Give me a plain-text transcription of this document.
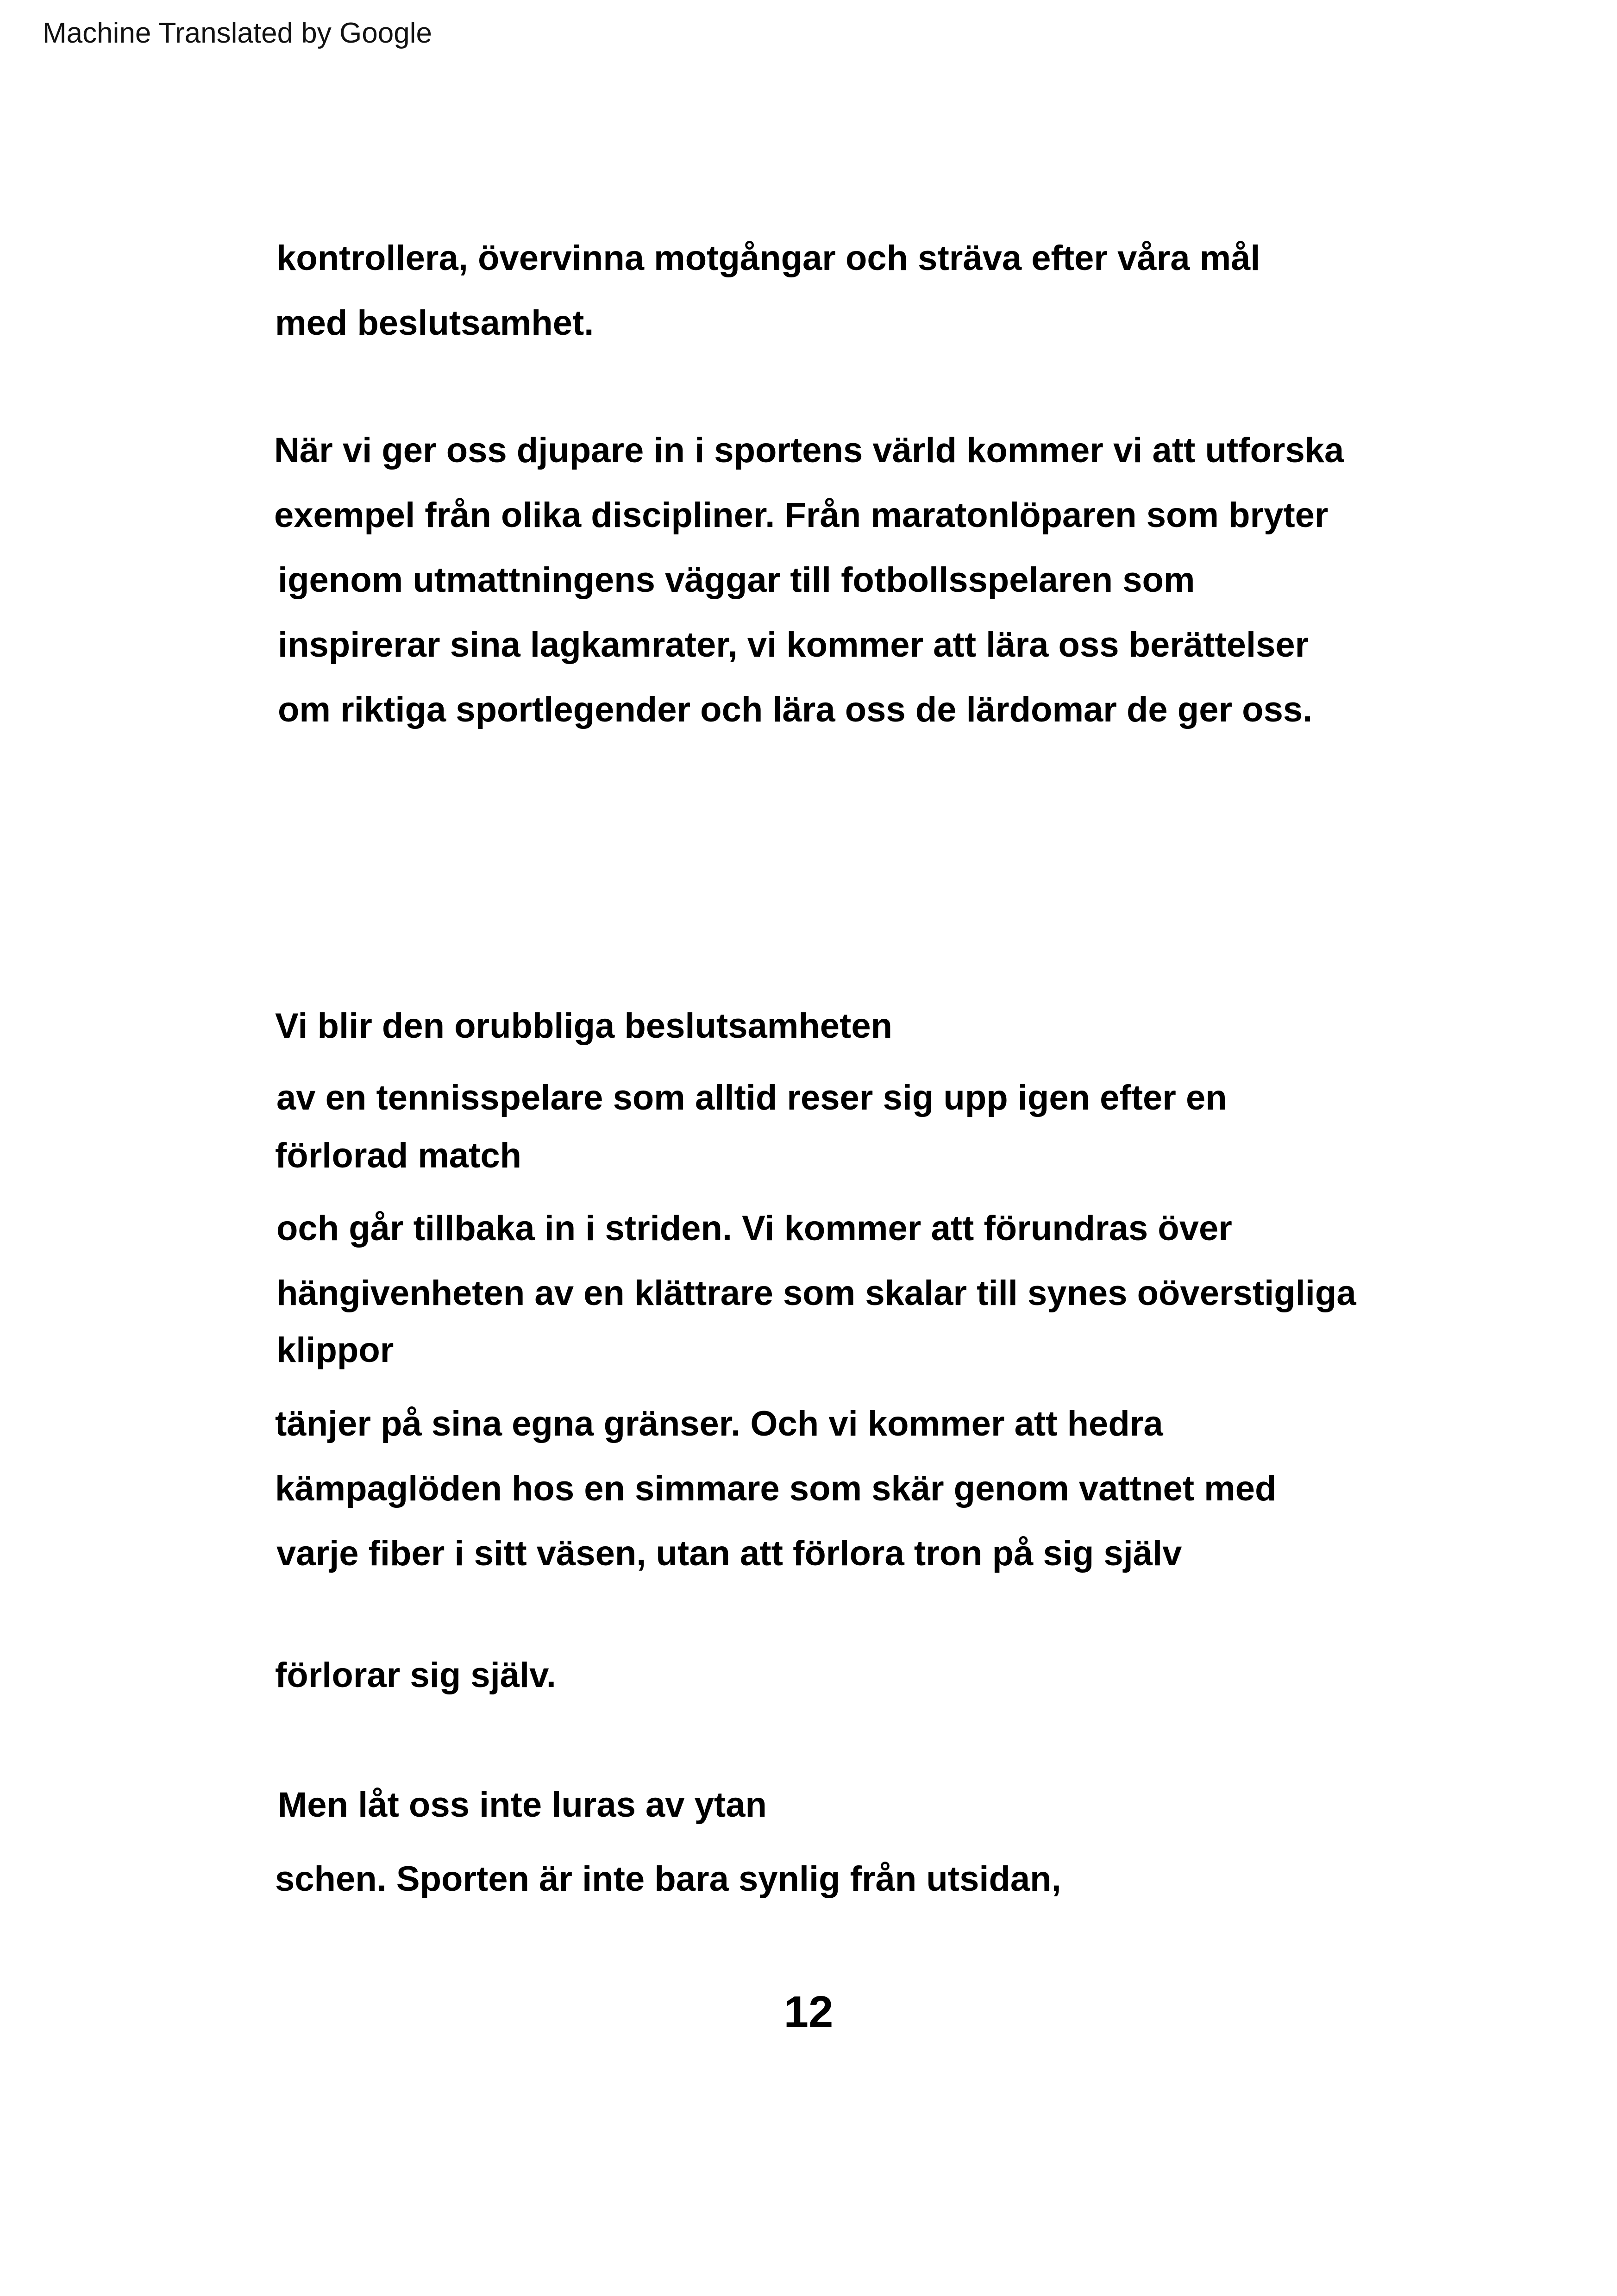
Machine Translated by Google
kontrollera, övervinna motgångar och sträva efter våra mål
med beslutsamhet.
När vi ger oss djupare in i sportens värld kommer vi att utforska
exempel från olika discipliner. Från maratonlöparen som bryter
igenom utmattningens väggar till fotbollsspelaren som
inspirerar sina lagkamrater, vi kommer att lära oss berättelser
om riktiga sportlegender och lära oss de lärdomar de ger oss.
Vi blir den orubbliga beslutsamheten
av en tennisspelare som alltid reser sig upp igen efter en
förlorad match
och går tillbaka in i striden. Vi kommer att förundras över
hängivenheten av en klättrare som skalar till synes oöverstigliga
klippor
tänjer på sina egna gränser. Och vi kommer att hedra
kämpaglöden hos en simmare som skär genom vattnet med
varje fiber i sitt väsen, utan att förlora tron på sig själv
förlorar sig själv.
Men låt oss inte luras av ytan
schen. Sporten är inte bara synlig från utsidan,
12
